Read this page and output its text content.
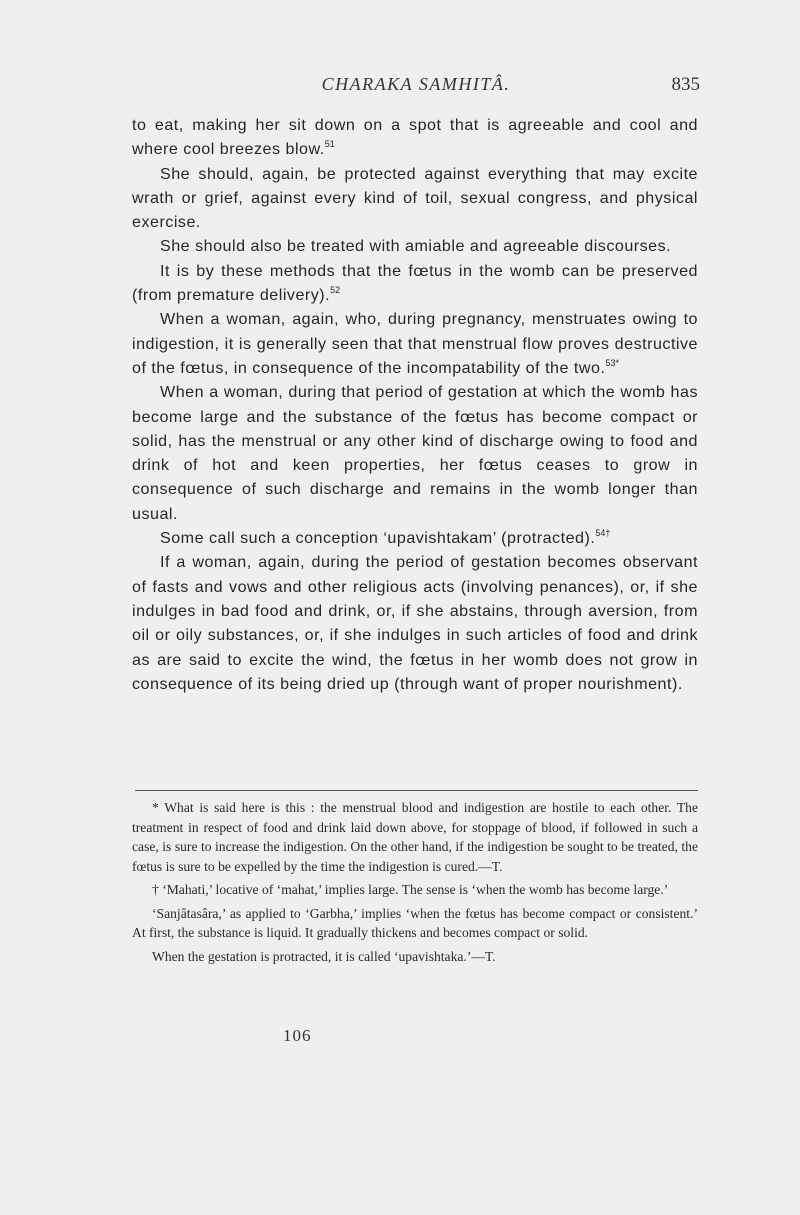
CHARAKA SAMHITÂ.	835

to eat, making her sit down on a spot that is agreeable and cool and where cool breezes blow.$^{51}$

She should, again, be protected against everything that may excite wrath or grief, against every kind of toil, sexual congress, and physical exercise.

She should also be treated with amiable and agreeable discourses.

It is by these methods that the fœtus in the womb can be preserved (from premature delivery).$^{52}$

When a woman, again, who, during pregnancy, menstruates owing to indigestion, it is generally seen that that menstrual flow proves destructive of the fœtus, in consequence of the incompatability of the two.$^{53*}$

When a woman, during that period of gestation at which the womb has become large and the substance of the fœtus has become compact or solid, has the menstrual or any other kind of discharge owing to food and drink of hot and keen properties, her fœtus ceases to grow in consequence of such discharge and remains in the womb longer than usual.

Some call such a conception ‘upavishtakam’ (protracted).$^{54\dagger}$

If a woman, again, during the period of gestation becomes observant of fasts and vows and other religious acts (involving penances), or, if she indulges in bad food and drink, or, if she abstains, through aversion, from oil or oily substances, or, if she indulges in such articles of food and drink as are said to excite the wind, the fœtus in her womb does not grow in consequence of its being dried up (through want of proper nourishment).

* What is said here is this : the menstrual blood and indigestion are hostile to each other. The treatment in respect of food and drink laid down above, for stoppage of blood, if followed in such a case, is sure to increase the indigestion. On the other hand, if the indigestion be sought to be treated, the fœtus is sure to be expelled by the time the indigestion is cured.—T.

† ‘Mahati,’ locative of ‘mahat,’ implies large. The sense is ‘when the womb has become large.’

‘Sanjâtasâra,’ as applied to ‘Garbha,’ implies ‘when the fœtus has become compact or consistent.’ At first, the substance is liquid. It gradually thickens and becomes compact or solid.

When the gestation is protracted, it is called ‘upavishtaka.’—T.

106
